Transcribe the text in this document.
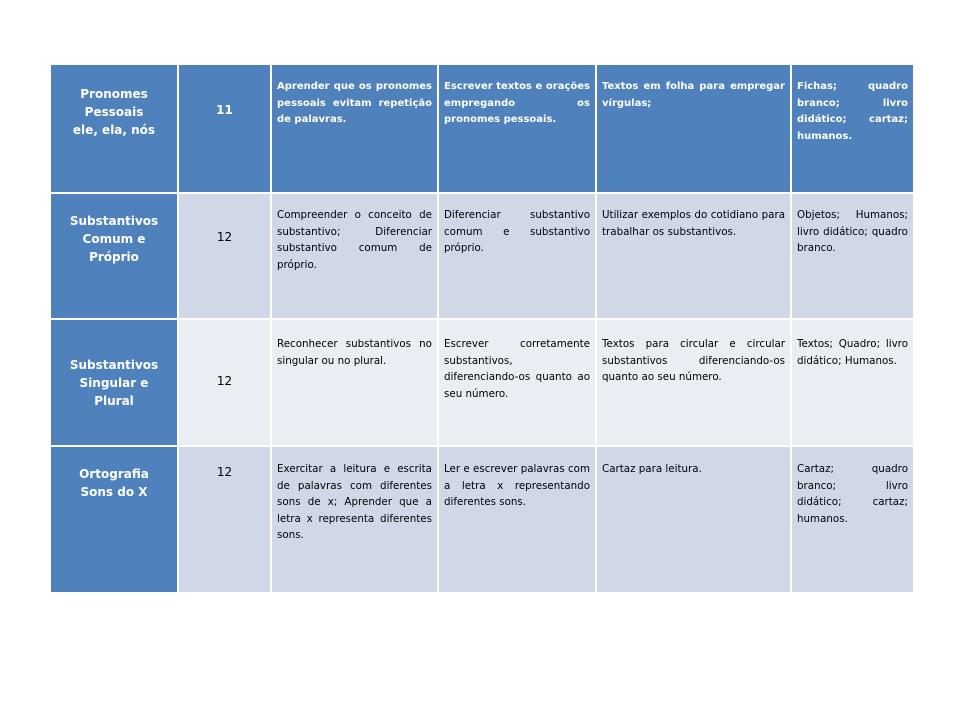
Pronomes
Pessoais
ele, ela, nós	11	Aprender que os pronomes pessoais evitam repetição de palavras.	Escrever textos e orações empregando os pronomes pessoais.	Textos em folha para empregar vírgulas;	Fichas; quadro branco; livro didático; cartaz; humanos.

Substantivos
Comum e
Próprio	12	Compreender o conceito de substantivo; Diferenciar substantivo comum de próprio.	Diferenciar substantivo comum e substantivo próprio.	Utilizar exemplos do cotidiano para trabalhar os substantivos.	Objetos; Humanos; livro didático; quadro branco.

Substantivos
Singular e
Plural	12	Reconhecer substantivos no singular ou no plural.	Escrever corretamente substantivos, diferenciando-os quanto ao seu número.	Textos para circular e circular substantivos diferenciando-os quanto ao seu número.	Textos; Quadro; livro didático; Humanos.

Ortografia
Sons do X	12	Exercitar a leitura e escrita de palavras com diferentes sons de x; Aprender que a letra x representa diferentes sons.	Ler e escrever palavras com a letra x representando diferentes sons.	Cartaz para leitura.	Cartaz; quadro branco; livro didático; cartaz; humanos.
